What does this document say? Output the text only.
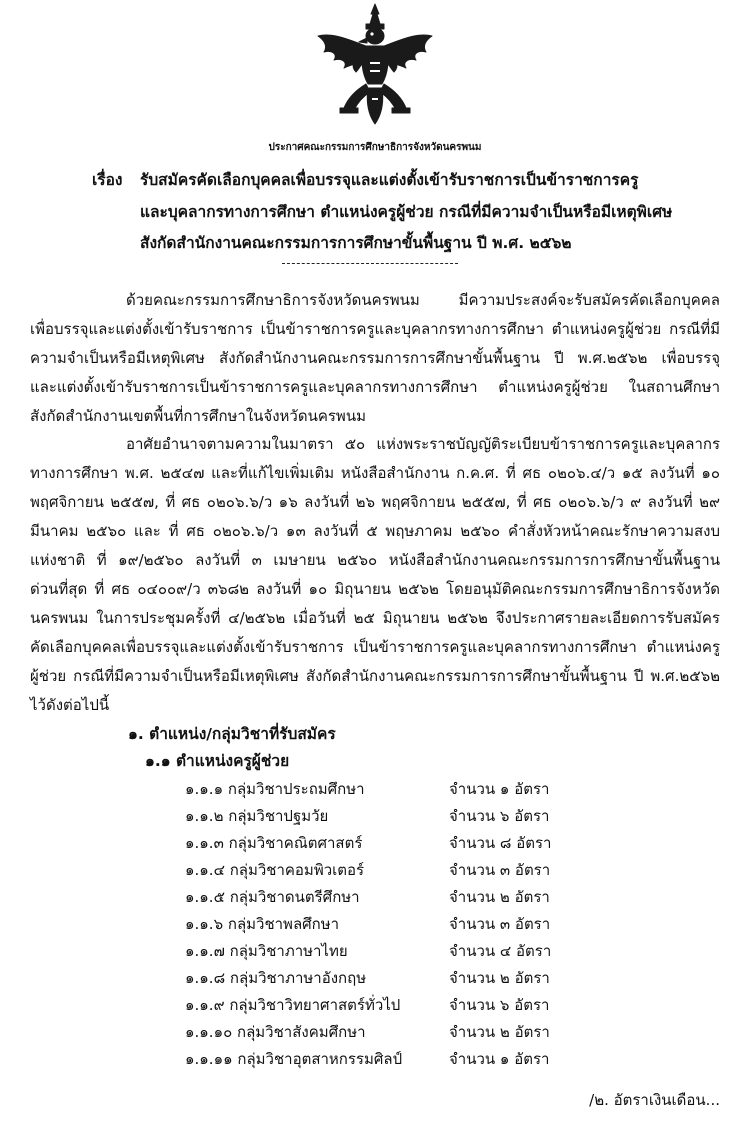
ประกาศคณะกรรมการศึกษาธิการจังหวัดนครพนม
เรื่อง รับสมัครคัดเลือกบุคคลเพื่อบรรจุและแต่งตั้งเข้ารับราชการเป็นข้าราชการครู
และบุคลากรทางการศึกษา ตำแหน่งครูผู้ช่วย กรณีที่มีความจำเป็นหรือมีเหตุพิเศษ
สังกัดสำนักงานคณะกรรมการการศึกษาขั้นพื้นฐาน ปี พ.ศ. ๒๕๖๒
ด้วยคณะกรรมการศึกษาธิการจังหวัดนครพนม มีความประสงค์จะรับสมัครคัดเลือกบุคคล
เพื่อบรรจุและแต่งตั้งเข้ารับราชการ เป็นข้าราชการครูและบุคลากรทางการศึกษา ตำแหน่งครูผู้ช่วย กรณีที่มี
ความจำเป็นหรือมีเหตุพิเศษ สังกัดสำนักงานคณะกรรมการการศึกษาขั้นพื้นฐาน ปี พ.ศ.๒๕๖๒ เพื่อบรรจุ
และแต่งตั้งเข้ารับราชการเป็นข้าราชการครูและบุคลากรทางการศึกษา ตำแหน่งครูผู้ช่วย ในสถานศึกษา
สังกัดสำนักงานเขตพื้นที่การศึกษาในจังหวัดนครพนม
อาศัยอำนาจตามความในมาตรา ๕๐ แห่งพระราชบัญญัติระเบียบข้าราชการครูและบุคลากร
ทางการศึกษา พ.ศ. ๒๕๔๗ และที่แก้ไขเพิ่มเติม หนังสือสำนักงาน ก.ค.ศ. ที่ ศธ ๐๒๐๖.๔/ว ๑๕ ลงวันที่ ๑๐
พฤศจิกายน ๒๕๕๗, ที่ ศธ ๐๒๐๖.๖/ว ๑๖ ลงวันที่ ๒๖ พฤศจิกายน ๒๕๕๗, ที่ ศธ ๐๒๐๖.๖/ว ๙ ลงวันที่ ๒๙
มีนาคม ๒๕๖๐ และ ที่ ศธ ๐๒๐๖.๖/ว ๑๓ ลงวันที่ ๕ พฤษภาคม ๒๕๖๐ คำสั่งหัวหน้าคณะรักษาความสงบ
แห่งชาติ ที่ ๑๙/๒๕๖๐ ลงวันที่ ๓ เมษายน ๒๕๖๐ หนังสือสำนักงานคณะกรรมการการศึกษาขั้นพื้นฐาน
ด่วนที่สุด ที่ ศธ ๐๔๐๐๙/ว ๓๖๘๒ ลงวันที่ ๑๐ มิถุนายน ๒๕๖๒ โดยอนุมัติคณะกรรมการศึกษาธิการจังหวัด
นครพนม ในการประชุมครั้งที่ ๔/๒๕๖๒ เมื่อวันที่ ๒๕ มิถุนายน ๒๕๖๒ จึงประกาศรายละเอียดการรับสมัคร
คัดเลือกบุคคลเพื่อบรรจุและแต่งตั้งเข้ารับราชการ เป็นข้าราชการครูและบุคลากรทางการศึกษา ตำแหน่งครู
ผู้ช่วย กรณีที่มีความจำเป็นหรือมีเหตุพิเศษ สังกัดสำนักงานคณะกรรมการการศึกษาขั้นพื้นฐาน ปี พ.ศ.๒๕๖๒
ไว้ดังต่อไปนี้
๑. ตำแหน่ง/กลุ่มวิชาที่รับสมัคร
๑.๑ ตำแหน่งครูผู้ช่วย
๑.๑.๑ กลุ่มวิชาประถมศึกษา	จำนวน ๑ อัตรา
๑.๑.๒ กลุ่มวิชาปฐมวัย	จำนวน ๖ อัตรา
๑.๑.๓ กลุ่มวิชาคณิตศาสตร์	จำนวน ๘ อัตรา
๑.๑.๔ กลุ่มวิชาคอมพิวเตอร์	จำนวน ๓ อัตรา
๑.๑.๕ กลุ่มวิชาดนตรีศึกษา	จำนวน ๒ อัตรา
๑.๑.๖ กลุ่มวิชาพลศึกษา	จำนวน ๓ อัตรา
๑.๑.๗ กลุ่มวิชาภาษาไทย	จำนวน ๔ อัตรา
๑.๑.๘ กลุ่มวิชาภาษาอังกฤษ	จำนวน ๒ อัตรา
๑.๑.๙ กลุ่มวิชาวิทยาศาสตร์ทั่วไป	จำนวน ๖ อัตรา
๑.๑.๑๐ กลุ่มวิชาสังคมศึกษา	จำนวน ๒ อัตรา
๑.๑.๑๑ กลุ่มวิชาอุตสาหกรรมศิลป์	จำนวน ๑ อัตรา
/๒. อัตราเงินเดือน...
